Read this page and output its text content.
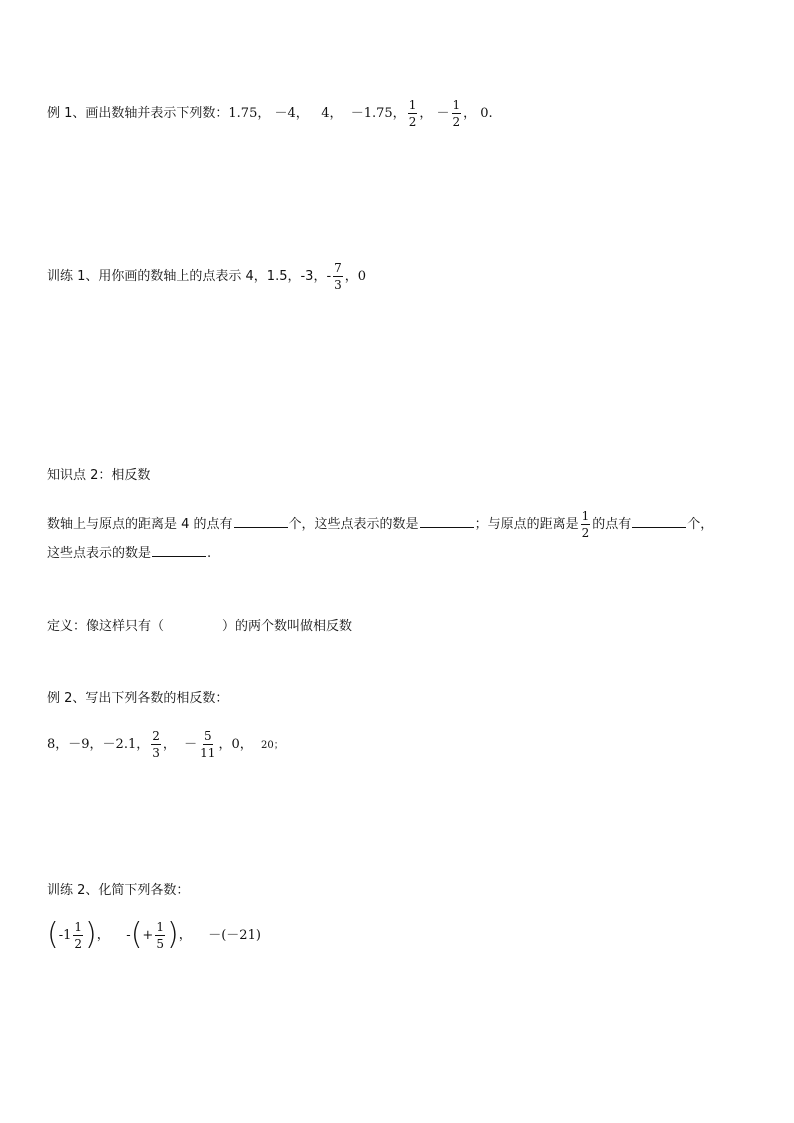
例 1、画出数轴并表示下列数：1.75， －4， 4， －1.75， $\frac{1}{2}$ ， － $\frac{1}{2}$ ， 0.
训练 1、用你画的数轴上的点表示 4，1.5，-3，- $\frac{7}{3}$ ，0
知识点 2：相反数
数轴上与原点的距离是 4 的点有	个，这些点表示的数是	；与原点的距离是 $\frac{1}{2}$ 的点有	个，
这些点表示的数是	.
定义：像这样只有（	）的两个数叫做相反数
例 2、写出下列各数的相反数：
8，－9，－2.1， $\frac{2}{3}$ ， － $\frac{5}{11}$ ，0， 20；
训练 2、化简下列各数：
( $-1 \frac{1}{2}$ ) ， - ( + $\frac{1}{5}$ ) ， －(－21)
